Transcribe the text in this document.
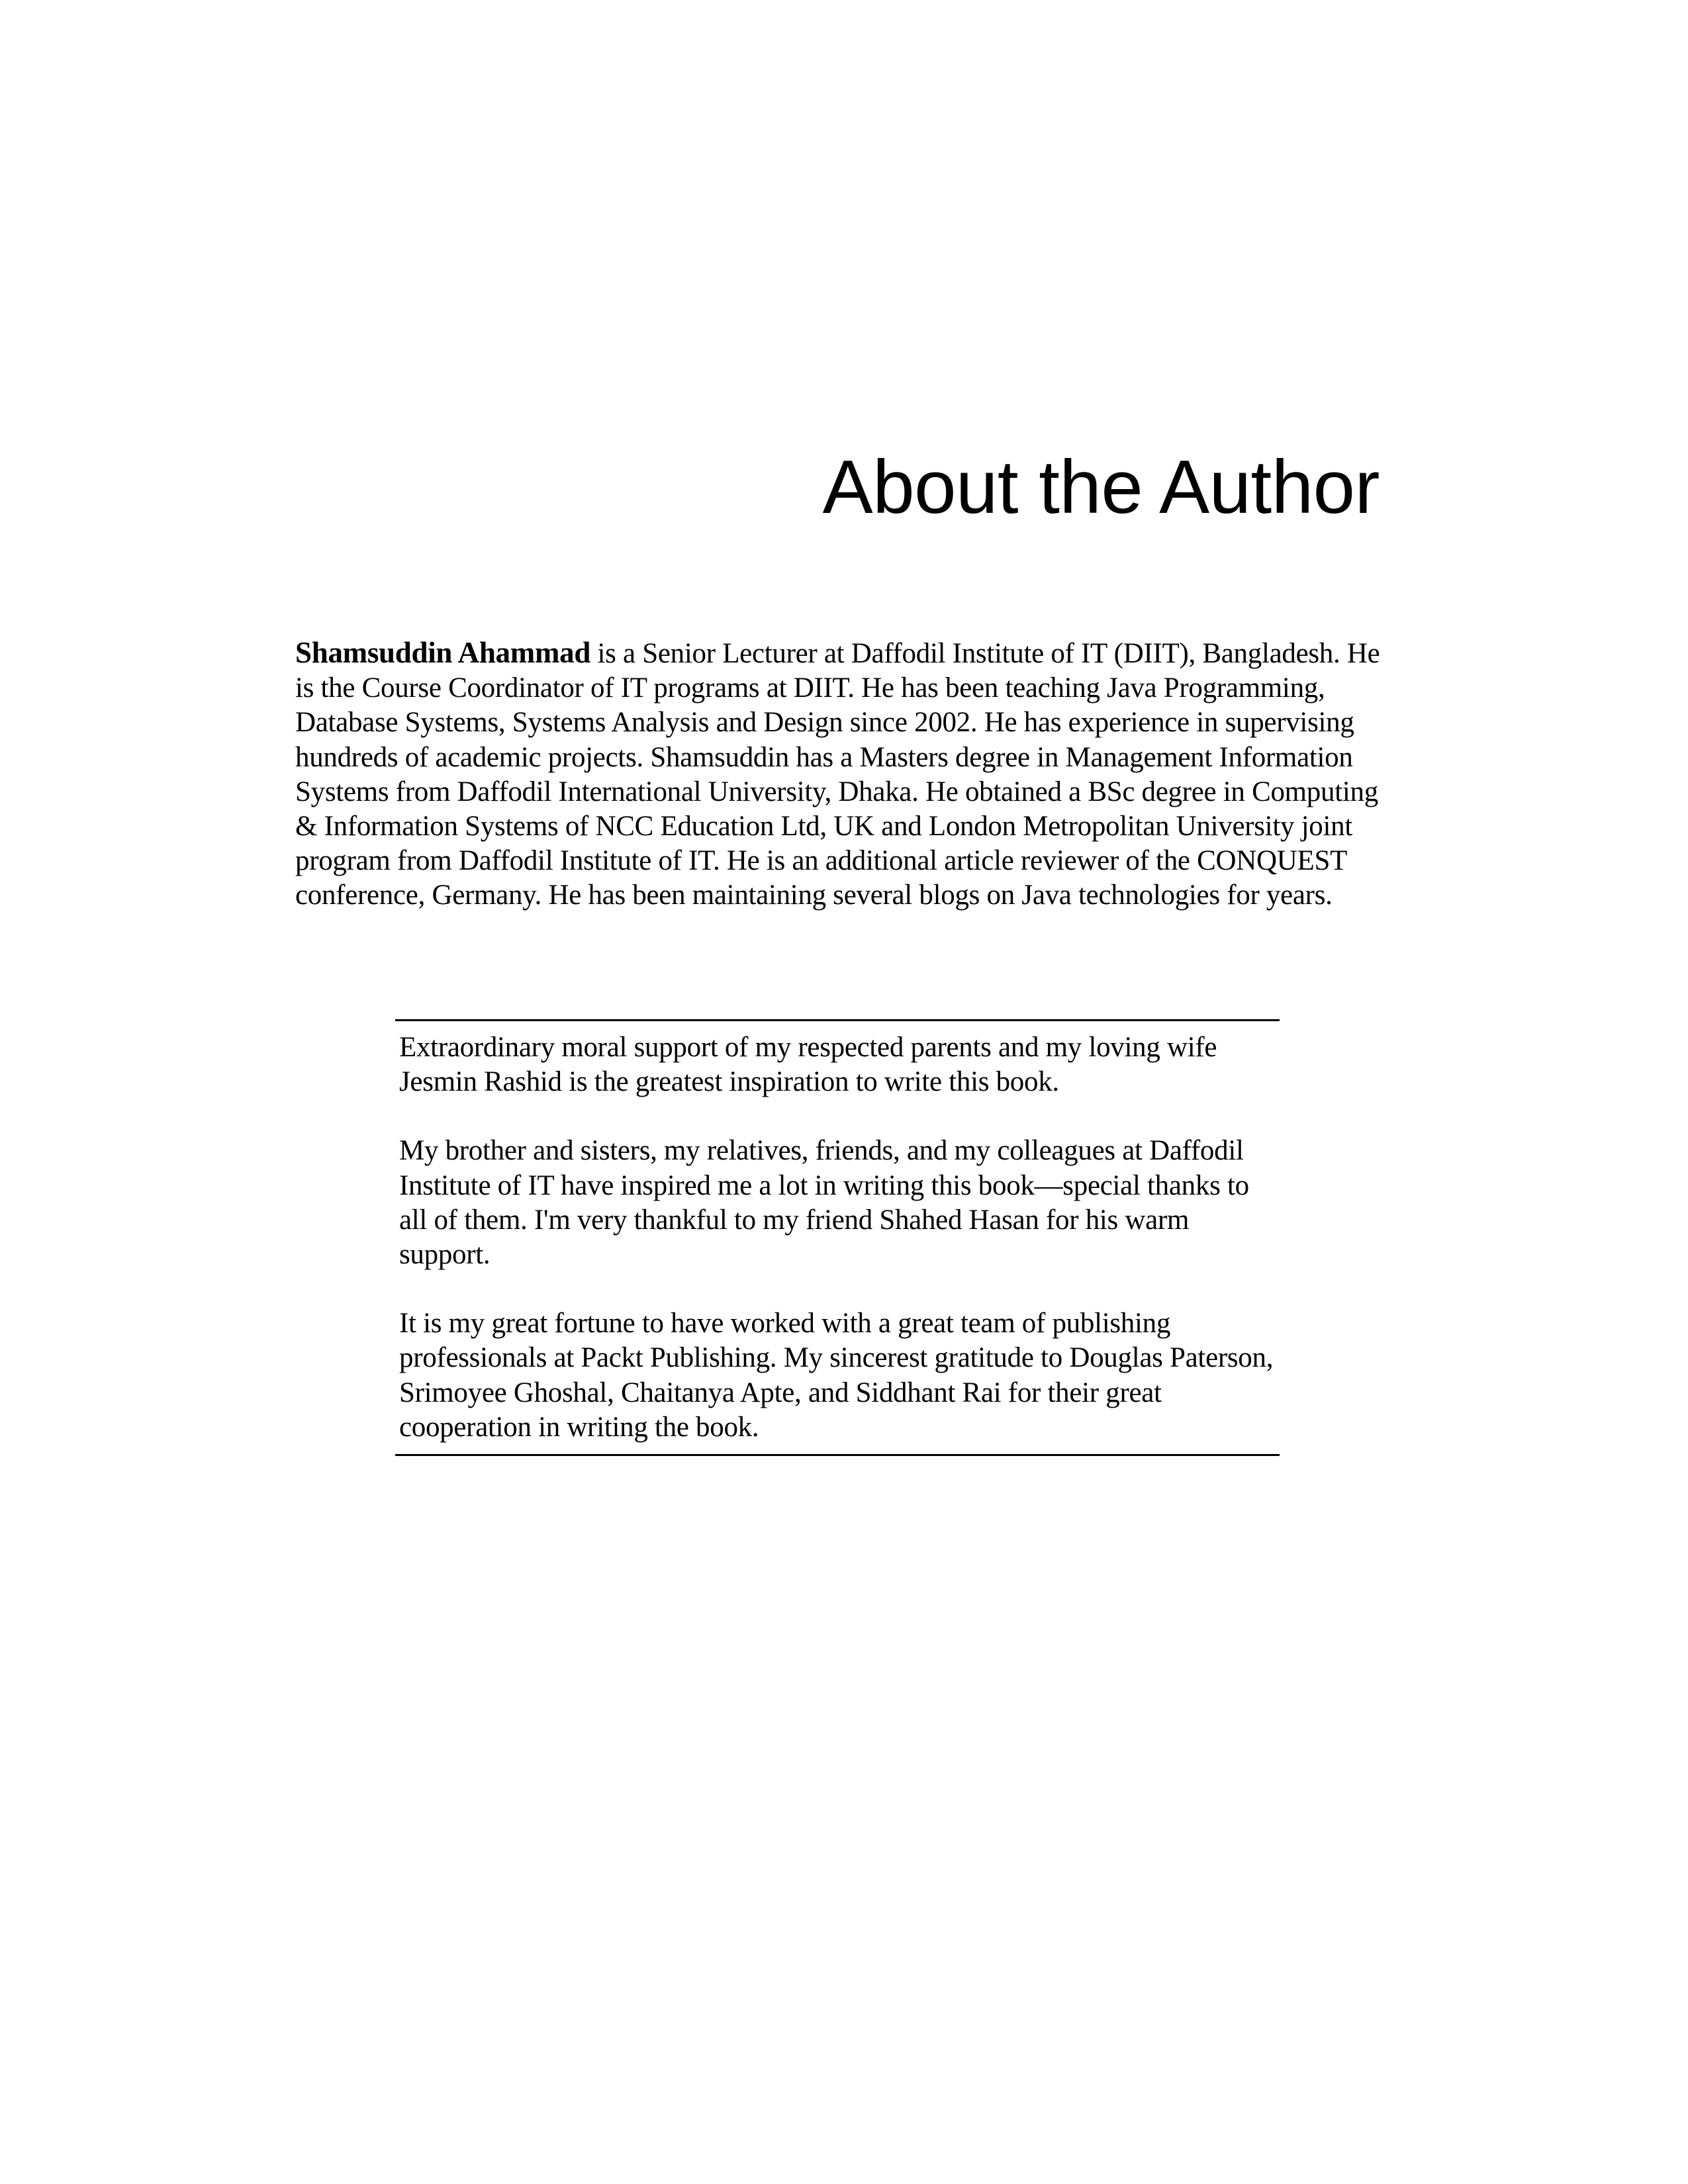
About the Author

Shamsuddin Ahammad is a Senior Lecturer at Daffodil Institute of IT (DIIT), Bangladesh. He is the Course Coordinator of IT programs at DIIT. He has been teaching Java Programming, Database Systems, Systems Analysis and Design since 2002. He has experience in supervising hundreds of academic projects. Shamsuddin has a Masters degree in Management Information Systems from Daffodil International University, Dhaka. He obtained a BSc degree in Computing & Information Systems of NCC Education Ltd, UK and London Metropolitan University joint program from Daffodil Institute of IT. He is an additional article reviewer of the CONQUEST conference, Germany. He has been maintaining several blogs on Java technologies for years.

Extraordinary moral support of my respected parents and my loving wife Jesmin Rashid is the greatest inspiration to write this book.

My brother and sisters, my relatives, friends, and my colleagues at Daffodil Institute of IT have inspired me a lot in writing this book—special thanks to all of them. I'm very thankful to my friend Shahed Hasan for his warm support.

It is my great fortune to have worked with a great team of publishing professionals at Packt Publishing. My sincerest gratitude to Douglas Paterson, Srimoyee Ghoshal, Chaitanya Apte, and Siddhant Rai for their great cooperation in writing the book.
